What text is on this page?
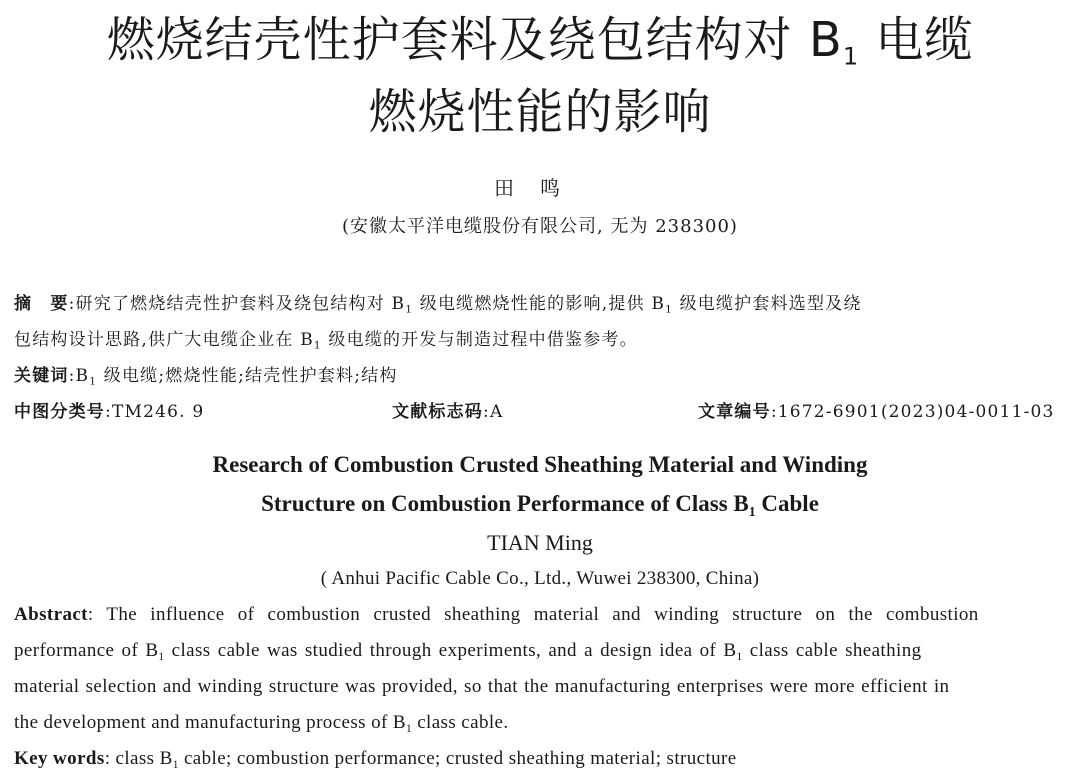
燃烧结壳性护套料及绕包结构对 $B_1$ 电缆
燃烧性能的影响
田鸣
(安徽太平洋电缆股份有限公司, 无为 238300)
摘　要:研究了燃烧结壳性护套料及绕包结构对 $B_1$ 级电缆燃烧性能的影响,提供 $B_1$ 级电缆护套料选型及绕
包结构设计思路,供广大电缆企业在 $B_1$ 级电缆的开发与制造过程中借鉴参考。
关键词$:B_1$ 级电缆;燃烧性能;结壳性护套料;结构
中图分类号:TM246. 9	文献标志码:A	文章编号:1672-6901(2023)04-0011-03
Research of Combustion Crusted Sheathing Material and Winding
Structure on Combustion Performance of Class $B_1$ Cable
TIAN Ming
( Anhui Pacific Cable Co., Ltd., Wuwei 238300, China)
Abstract: The influence of combustion crusted sheathing material and winding structure on the combustion
performance of $B_1$ class cable was studied through experiments, and a design idea of $B_1$ class cable sheathing
material selection and winding structure was provided, so that the manufacturing enterprises were more efficient in
the development and manufacturing process of $B_1$ class cable.
Key words: class $B_1$ cable; combustion performance; crusted sheathing material; structure
